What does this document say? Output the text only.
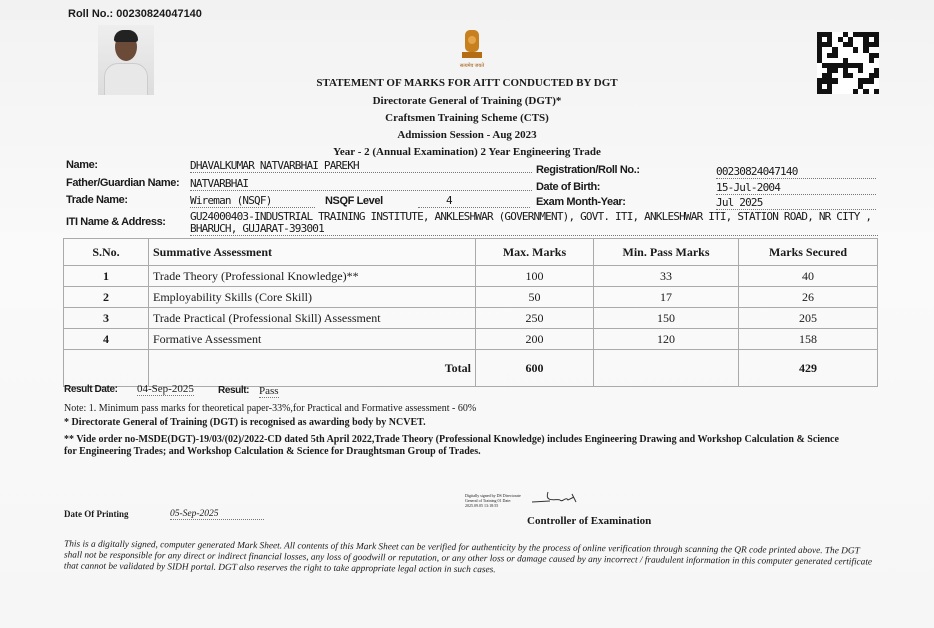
Roll No.: 00230824047140
सत्यमेव जयते
STATEMENT OF MARKS FOR AITT CONDUCTED BY DGT
Directorate General of Training (DGT)*
Craftsmen Training Scheme (CTS)
Admission Session - Aug 2023
Year - 2 (Annual Examination) 2 Year Engineering Trade
Name:	DHAVALKUMAR NATVARBHAI PAREKH
Father/Guardian Name: NATVARBHAI
Trade Name:	Wireman (NSQF)	NSQF Level	4
ITI Name & Address: GU24000403-INDUSTRIAL TRAINING INSTITUTE, ANKLESHWAR (GOVERNMENT), GOVT. ITI, ANKLESHWAR ITI, STATION ROAD, NR CITY , BHARUCH, GUJARAT-393001
Registration/Roll No.:	00230824047140
Date of Birth:	15-Jul-2004
Exam Month-Year:	Jul 2025
S.No.	Summative Assessment	Max. Marks	Min. Pass Marks	Marks Secured
1	Trade Theory (Professional Knowledge)**	100	33	40
2	Employability Skills (Core Skill)	50	17	26
3	Trade Practical (Professional Skill) Assessment	250	150	205
4	Formative Assessment	200	120	158
	Total	600		429
Result Date: 04-Sep-2025 Result: Pass
Note: 1. Minimum pass marks for theoretical paper-33%,for Practical and Formative assessment - 60%
* Directorate General of Training (DGT) is recognised as awarding body by NCVET.
** Vide order no-MSDE(DGT)-19/03/(02)/2022-CD dated 5th April 2022,Trade Theory (Professional Knowledge) includes Engineering Drawing and Workshop Calculation & Science for Engineering Trades; and Workshop Calculation & Science for Draughtsman Group of Trades.
Date Of Printing	05-Sep-2025
Digitally signed by DS Directorate General of Training 01 Date: 2025.09.05 13:18:55
Controller of Examination
This is a digitally signed, computer generated Mark Sheet. All contents of this Mark Sheet can be verified for authenticity by the process of online verification through scanning the QR code printed above. The DGT shall not be responsible for any direct or indirect financial losses, any loss of goodwill or reputation, or any other loss or damage caused by any incorrect / fraudulent information in this computer generated certificate that cannot be validated by SIDH portal. DGT also reserves the right to take appropriate legal action in such cases.
